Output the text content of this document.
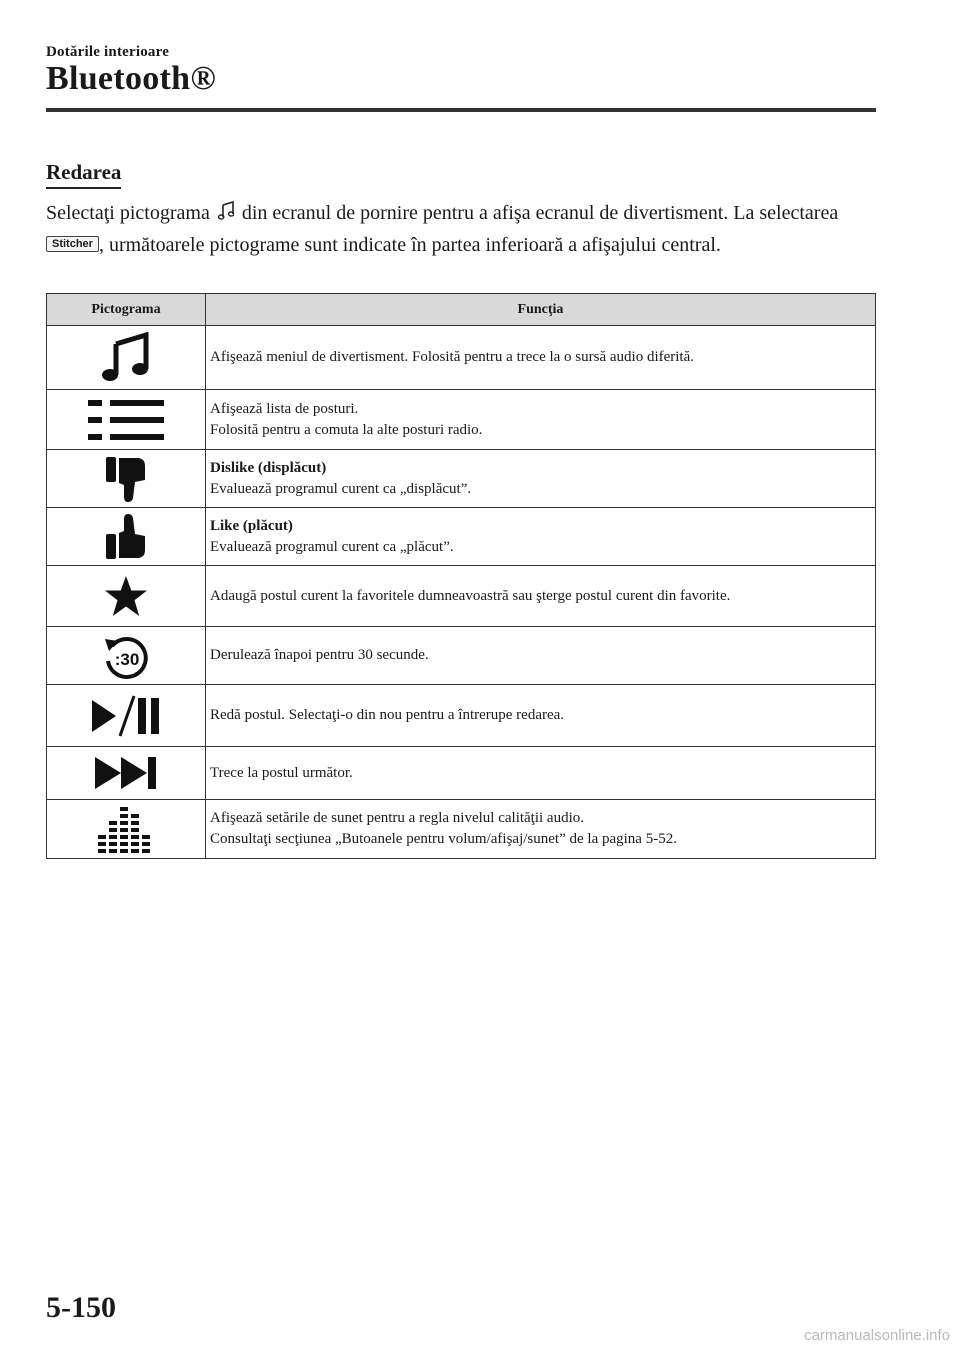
Dotările interioare
Bluetooth®
Redarea
Selectaţi pictograma din ecranul de pornire pentru a afişa ecranul de divertisment. La selectarea Stitcher , următoarele pictograme sunt indicate în partea inferioară a afişajului central.
Pictograma	Funcţia

Afişează meniul de divertisment. Folosită pentru a trece la o sursă audio diferită.

Afişează lista de posturi.
Folosită pentru a comuta la alte posturi radio.

Dislike (displăcut)
Evaluează programul curent ca „displăcut”.

Like (plăcut)
Evaluează programul curent ca „plăcut”.

Adaugă postul curent la favoritele dumneavoastră sau şterge postul curent din favorite.

:30	Derulează înapoi pentru 30 secunde.

Redă postul. Selectaţi-o din nou pentru a întrerupe redarea.

Trece la postul următor.

Afişează setările de sunet pentru a regla nivelul calităţii audio.
Consultaţi secţiunea „Butoanele pentru volum/afişaj/sunet” de la pagina 5-52.
5-150
carmanualsonline.info
